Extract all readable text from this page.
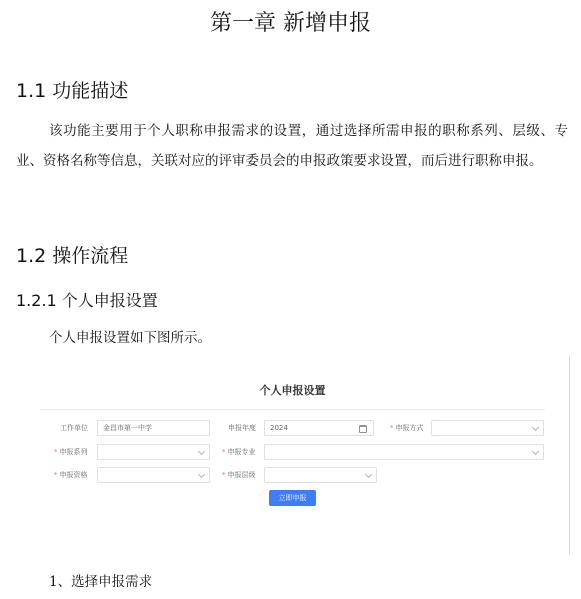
第一章 新增申报
1.1 功能描述
该功能主要用于个人职称申报需求的设置，通过选择所需申报的职称系列、层级、专业、资格名称等信息，关联对应的评审委员会的申报政策要求设置，而后进行职称申报。
1.2 操作流程
1.2.1 个人申报设置
个人申报设置如下图所示。
个人申报设置
工作单位	金昌市第一中学	申报年度	2024	* 申报方式
* 申报系列	* 申报专业
* 申报资格	* 申报层级
立即申报
1、选择申报需求
